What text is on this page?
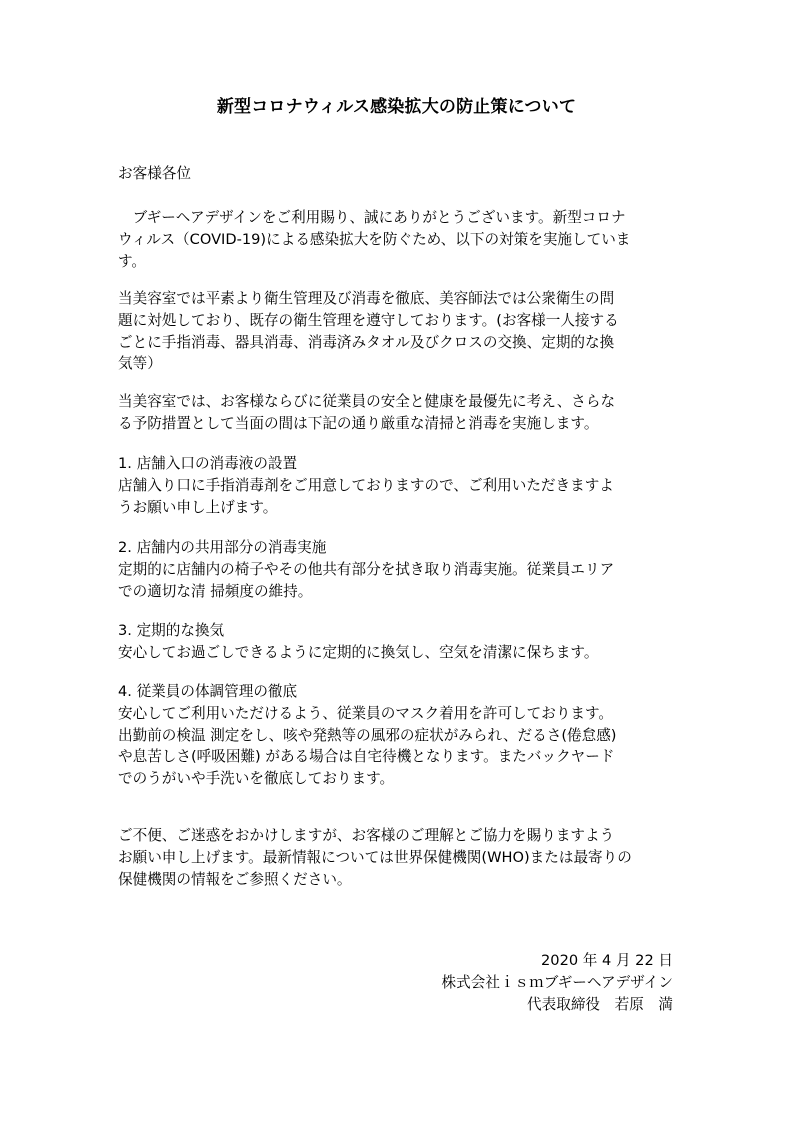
新型コロナウィルス感染拡大の防止策について

お客様各位

　ブギーヘアデザインをご利用賜り、誠にありがとうございます。新型コロナ

ウィルス（COVID-19)による感染拡大を防ぐため、以下の対策を実施していま

す。

当美容室では平素より衛生管理及び消毒を徹底、美容師法では公衆衛生の問

題に対処しており、既存の衛生管理を遵守しております。(お客様一人接する

ごとに手指消毒、器具消毒、消毒済みタオル及びクロスの交換、定期的な換

気等）

当美容室では、お客様ならびに従業員の安全と健康を最優先に考え、さらな

る予防措置として当面の間は下記の通り厳重な清掃と消毒を実施します。

1. 店舗入口の消毒液の設置

店舗入り口に手指消毒剤をご用意しておりますので、ご利用いただきますよ

うお願い申し上げます。

2. 店舗内の共用部分の消毒実施

定期的に店舗内の椅子やその他共有部分を拭き取り消毒実施。従業員エリア

での適切な清 掃頻度の維持。

3. 定期的な換気

安心してお過ごしできるように定期的に換気し、空気を清潔に保ちます。

4. 従業員の体調管理の徹底

安心してご利用いただけるよう、従業員のマスク着用を許可しております。

出勤前の検温 測定をし、咳や発熱等の風邪の症状がみられ、だるさ(倦怠感)

や息苦しさ(呼吸困難) がある場合は自宅待機となります。またバックヤード

でのうがいや手洗いを徹底しております。

ご不便、ご迷惑をおかけしますが、お客様のご理解とご協力を賜りますよう

お願い申し上げます。最新情報については世界保健機関(WHO)または最寄りの

保健機関の情報をご参照ください。

2020 年 4 月 22 日

株式会社ｉｓｍブギーヘアデザイン

代表取締役　若原　満
